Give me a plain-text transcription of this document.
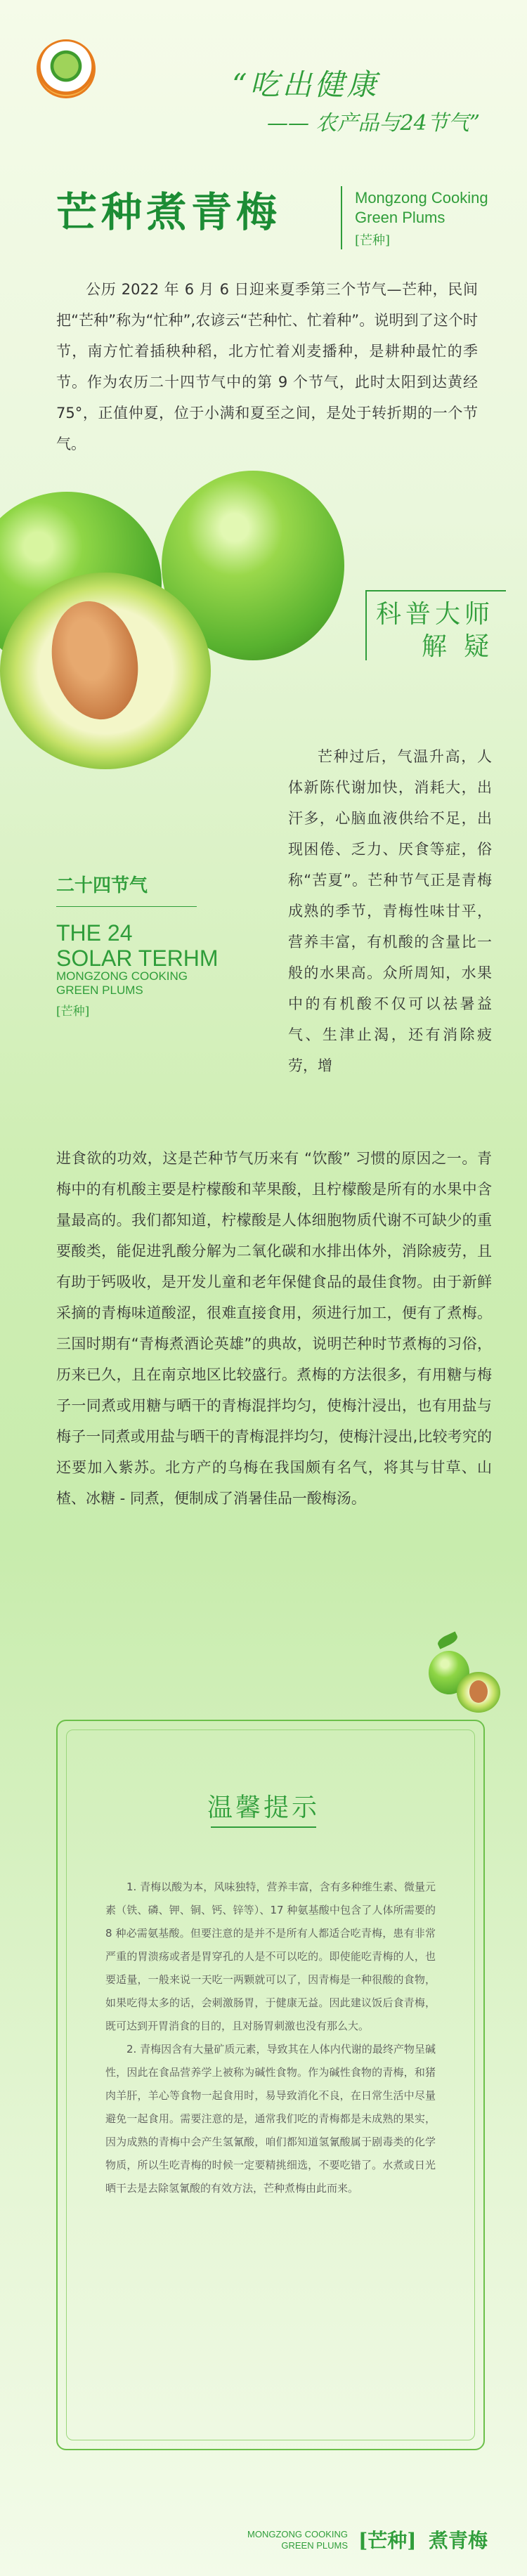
“吃出健康
—— 农产品与24节气”
芒种煮青梅	Mongzong Cooking Green Plums
[芒种]

公历 2022 年 6 月 6 日迎来夏季第三个节气—芒种，民间把“芒种”称为“忙种”,农谚云“芒种忙、忙着种”。说明到了这个时节，南方忙着插秧种稻，北方忙着刈麦播种，是耕种最忙的季节。作为农历二十四节气中的第 9 个节气，此时太阳到达黄经 75°，正值仲夏，位于小满和夏至之间，是处于转折期的一个节气。

科普大师
解疑
二十四节气
THE 24
SOLAR TERHM
MONGZONG COOKING GREEN PLUMS
[芒种]

芒种过后，气温升高，人体新陈代谢加快，消耗大，出汗多，心脑血液供给不足，出现困倦、乏力、厌食等症，俗称“苦夏”。芒种节气正是青梅成熟的季节，青梅性味甘平，营养丰富，有机酸的含量比一般的水果高。众所周知，水果中的有机酸不仅可以祛暑益气、生津止渴，还有消除疲劳，增

进食欲的功效，这是芒种节气历来有 “饮酸” 习惯的原因之一。青梅中的有机酸主要是柠檬酸和苹果酸，且柠檬酸是所有的水果中含量最高的。我们都知道，柠檬酸是人体细胞物质代谢不可缺少的重要酸类，能促进乳酸分解为二氧化碳和水排出体外，消除疲劳，且有助于钙吸收，是开发儿童和老年保健食品的最佳食物。由于新鲜采摘的青梅味道酸涩，很难直接食用，须进行加工，便有了煮梅。三国时期有“青梅煮酒论英雄”的典故，说明芒种时节煮梅的习俗，历来已久，且在南京地区比较盛行。煮梅的方法很多，有用糖与梅子一同煮或用糖与晒干的青梅混拌均匀，使梅汁浸出，也有用盐与梅子一同煮或用盐与晒干的青梅混拌均匀，使梅汁浸出,比较考究的还要加入紫苏。北方产的乌梅在我国颇有名气，将其与甘草、山楂、冰糖 - 同煮，便制成了消暑佳品一酸梅汤。

温馨提示

1. 青梅以酸为本，风味独特，营养丰富，含有多种维生素、微量元素（铁、磷、钾、铜、钙、锌等）、17 种氨基酸中包含了人体所需要的 8 种必需氨基酸。但要注意的是并不是所有人都适合吃青梅，患有非常严重的胃溃疡或者是胃穿孔的人是不可以吃的。即使能吃青梅的人，也要适量，一般来说一天吃一两颗就可以了，因青梅是一种很酸的食物，如果吃得太多的话，会刺激肠胃，于健康无益。因此建议饭后食青梅，既可达到开胃消食的目的，且对肠胃刺激也没有那么大。

2. 青梅因含有大量矿质元素，导致其在人体内代谢的最终产物呈碱性，因此在食品营养学上被称为碱性食物。作为碱性食物的青梅，和猪肉羊肝，羊心等食物一起食用时，易导致消化不良，在日常生活中尽量避免一起食用。需要注意的是，通常我们吃的青梅都是未成熟的果实，因为成熟的青梅中会产生氢氰酸，咱们都知道氢氰酸属于剧毒类的化学物质，所以生吃青梅的时候一定要精挑细选，不要吃错了。水煮或日光晒干去是去除氢氰酸的有效方法，芒种煮梅由此而来。

MONGZONG COOKING GREEN PLUMS [芒种] 煮青梅
